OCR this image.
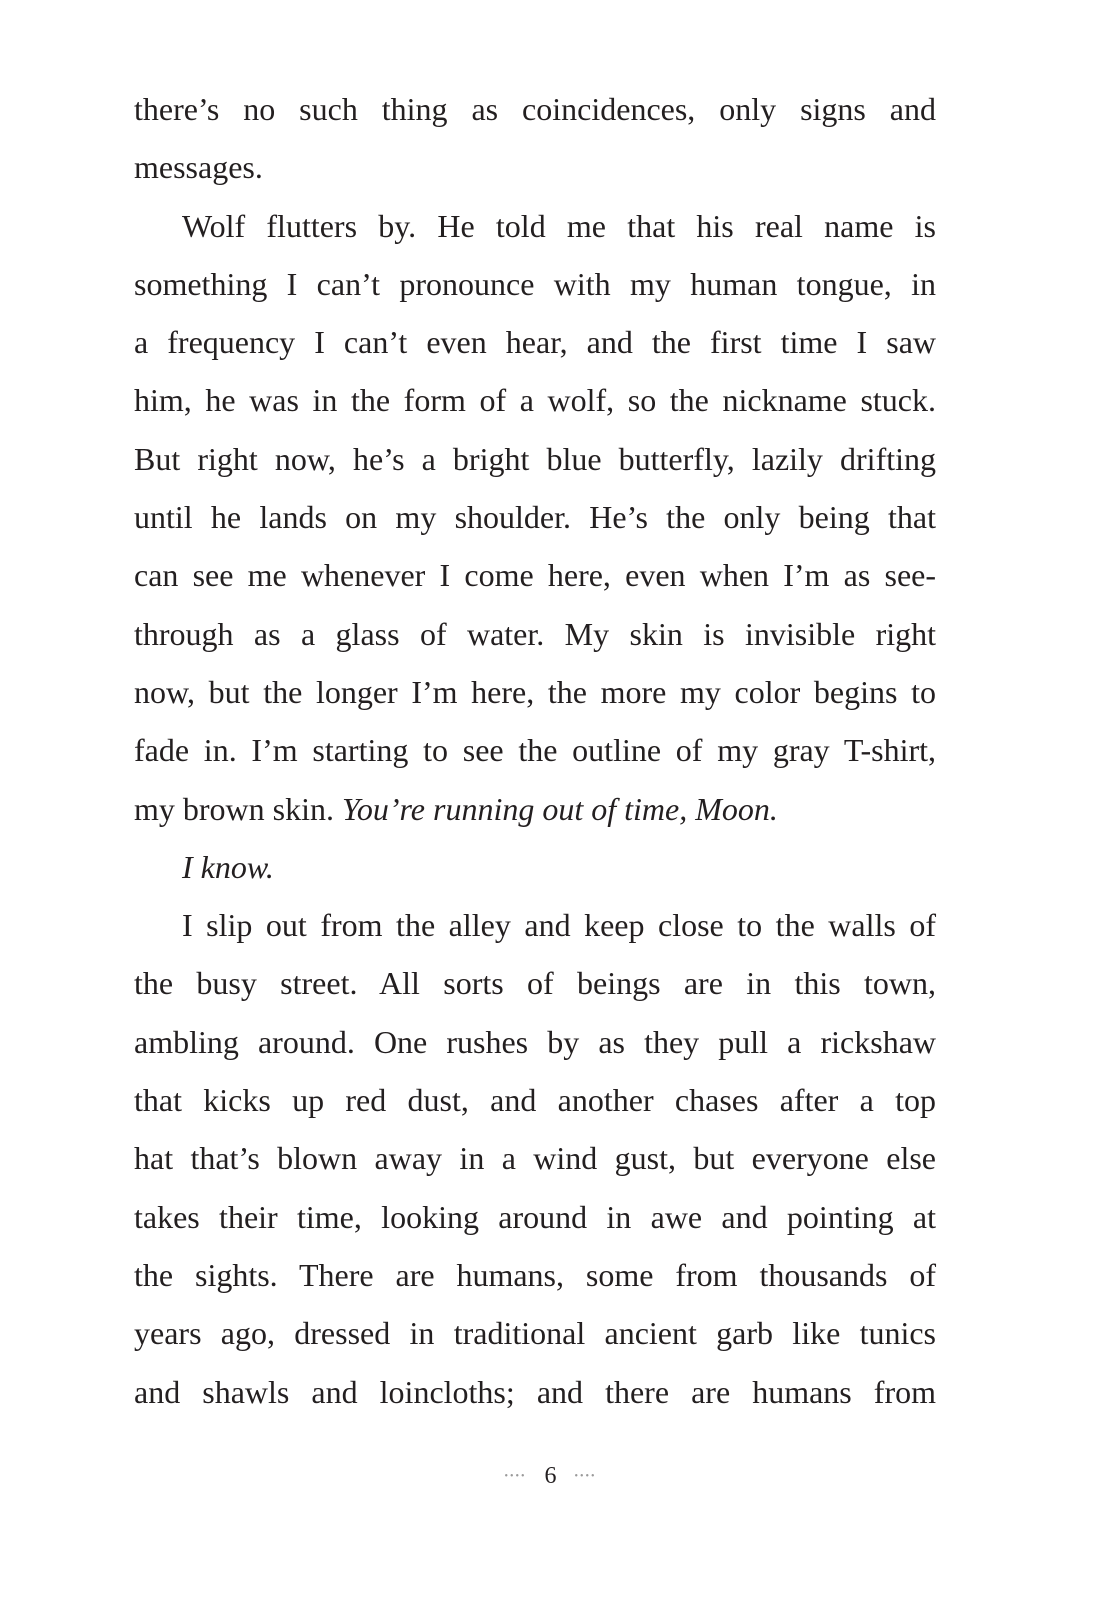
there’s no such thing as coincidences, only signs and
messages.
Wolf flutters by. He told me that his real name is
something I can’t pronounce with my human tongue, in
a frequency I can’t even hear, and the first time I saw
him, he was in the form of a wolf, so the nickname stuck.
But right now, he’s a bright blue butterfly, lazily drifting
until he lands on my shoulder. He’s the only being that
can see me whenever I come here, even when I’m as see-
through as a glass of water. My skin is invisible right
now, but the longer I’m here, the more my color begins to
fade in. I’m starting to see the outline of my gray T-shirt,
my brown skin. You’re running out of time, Moon.
I know.
I slip out from the alley and keep close to the walls of
the busy street. All sorts of beings are in this town,
ambling around. One rushes by as they pull a rickshaw
that kicks up red dust, and another chases after a top
hat that’s blown away in a wind gust, but everyone else
takes their time, looking around in awe and pointing at
the sights. There are humans, some from thousands of
years ago, dressed in traditional ancient garb like tunics
and shawls and loincloths; and there are humans from
•••• 6 ••••
